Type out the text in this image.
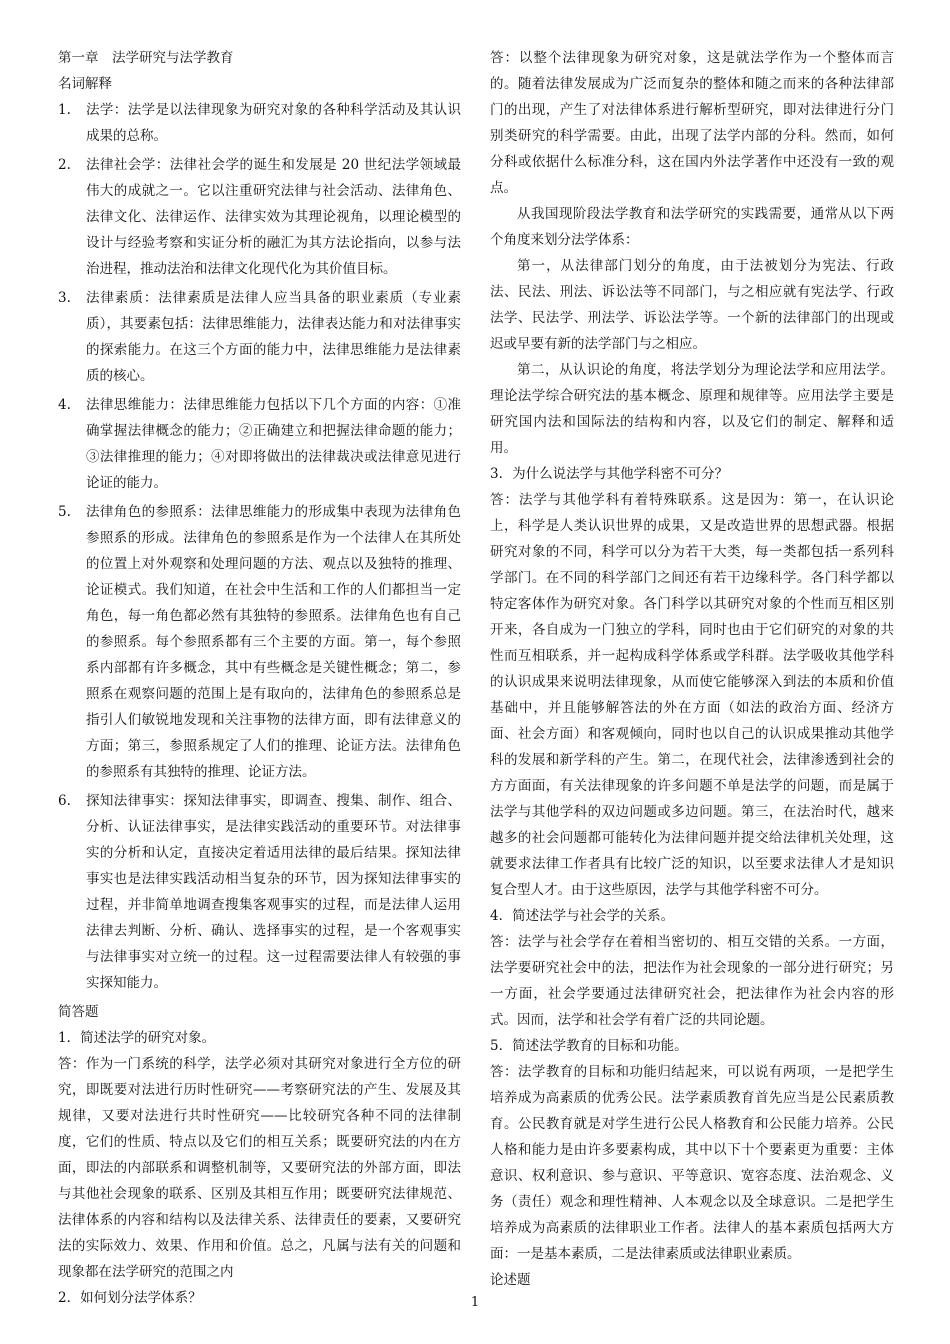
第一章　法学研究与法学教育

名词解释

1. 法学：法学是以法律现象为研究对象的各种科学活动及其认识成果的总称。
2. 法律社会学：法律社会学的诞生和发展是 20 世纪法学领域最伟大的成就之一。它以注重研究法律与社会活动、法律角色、法律文化、法律运作、法律实效为其理论视角，以理论模型的设计与经验考察和实证分析的融汇为其方法论指向，以参与法治进程，推动法治和法律文化现代化为其价值目标。
3. 法律素质：法律素质是法律人应当具备的职业素质（专业素质），其要素包括：法律思维能力，法律表达能力和对法律事实的探索能力。在这三个方面的能力中，法律思维能力是法律素质的核心。
4. 法律思维能力：法律思维能力包括以下几个方面的内容：①准确掌握法律概念的能力；②正确建立和把握法律命题的能力；③法律推理的能力；④对即将做出的法律裁决或法律意见进行论证的能力。
5. 法律角色的参照系：法律思维能力的形成集中表现为法律角色参照系的形成。法律角色的参照系是作为一个法律人在其所处的位置上对外观察和处理问题的方法、观点以及独特的推理、论证模式。我们知道，在社会中生活和工作的人们都担当一定角色，每一角色都必然有其独特的参照系。法律角色也有自己的参照系。每个参照系都有三个主要的方面。第一，每个参照系内部都有许多概念，其中有些概念是关键性概念；第二，参照系在观察问题的范围上是有取向的，法律角色的参照系总是指引人们敏锐地发现和关注事物的法律方面，即有法律意义的方面；第三，参照系规定了人们的推理、论证方法。法律角色的参照系有其独特的推理、论证方法。
6. 探知法律事实：探知法律事实，即调查、搜集、制作、组合、分析、认证法律事实，是法律实践活动的重要环节。对法律事实的分析和认定，直接决定着适用法律的最后结果。探知法律事实也是法律实践活动相当复杂的环节，因为探知法律事实的过程，并非简单地调查搜集客观事实的过程，而是法律人运用法律去判断、分析、确认、选择事实的过程，是一个客观事实与法律事实对立统一的过程。这一过程需要法律人有较强的事实探知能力。

简答题

1．简述法学的研究对象。

答：作为一门系统的科学，法学必须对其研究对象进行全方位的研究，即既要对法进行历时性研究——考察研究法的产生、发展及其规律，又要对法进行共时性研究——比较研究各种不同的法律制度，它们的性质、特点以及它们的相互关系；既要研究法的内在方面，即法的内部联系和调整机制等，又要研究法的外部方面，即法与其他社会现象的联系、区别及其相互作用；既要研究法律规范、法律体系的内容和结构以及法律关系、法律责任的要素，又要研究法的实际效力、效果、作用和价值。总之，凡属与法有关的问题和现象都在法学研究的范围之内

2．如何划分法学体系？

答：以整个法律现象为研究对象，这是就法学作为一个整体而言的。随着法律发展成为广泛而复杂的整体和随之而来的各种法律部门的出现，产生了对法律体系进行解析型研究，即对法律进行分门别类研究的科学需要。由此，出现了法学内部的分科。然而，如何分科或依据什么标准分科，这在国内外法学著作中还没有一致的观点。

从我国现阶段法学教育和法学研究的实践需要，通常从以下两个角度来划分法学体系：

第一，从法律部门划分的角度，由于法被划分为宪法、行政法、民法、刑法、诉讼法等不同部门，与之相应就有宪法学、行政法学、民法学、刑法学、诉讼法学等。一个新的法律部门的出现或迟或早要有新的法学部门与之相应。

第二，从认识论的角度，将法学划分为理论法学和应用法学。理论法学综合研究法的基本概念、原理和规律等。应用法学主要是研究国内法和国际法的结构和内容，以及它们的制定、解释和适用。

3．为什么说法学与其他学科密不可分？

答：法学与其他学科有着特殊联系。这是因为：第一，在认识论上，科学是人类认识世界的成果，又是改造世界的思想武器。根据研究对象的不同，科学可以分为若干大类，每一类都包括一系列科学部门。在不同的科学部门之间还有若干边缘科学。各门科学都以特定客体作为研究对象。各门科学以其研究对象的个性而互相区别开来，各自成为一门独立的学科，同时也由于它们研究的对象的共性而互相联系，并一起构成科学体系或学科群。法学吸收其他学科的认识成果来说明法律现象，从而使它能够深入到法的本质和价值基础中，并且能够解答法的外在方面（如法的政治方面、经济方面、社会方面）和客观倾向，同时也以自己的认识成果推动其他学科的发展和新学科的产生。第二，在现代社会，法律渗透到社会的方方面面，有关法律现象的许多问题不单是法学的问题，而是属于法学与其他学科的双边问题或多边问题。第三，在法治时代，越来越多的社会问题都可能转化为法律问题并提交给法律机关处理，这就要求法律工作者具有比较广泛的知识，以至要求法律人才是知识复合型人才。由于这些原因，法学与其他学科密不可分。

4．简述法学与社会学的关系。

答：法学与社会学存在着相当密切的、相互交错的关系。一方面，法学要研究社会中的法，把法作为社会现象的一部分进行研究；另一方面，社会学要通过法律研究社会，把法律作为社会内容的形式。因而，法学和社会学有着广泛的共同论题。

5．简述法学教育的目标和功能。

答：法学教育的目标和功能归结起来，可以说有两项，一是把学生培养成为高素质的优秀公民。法学素质教育首先应当是公民素质教育。公民教育就是对学生进行公民人格教育和公民能力培养。公民人格和能力是由许多要素构成，其中以下十个要素更为重要：主体意识、权利意识、参与意识、平等意识、宽容态度、法治观念、义务（责任）观念和理性精神、人本观念以及全球意识。二是把学生培养成为高素质的法律职业工作者。法律人的基本素质包括两大方面：一是基本素质，二是法律素质或法律职业素质。

论述题

1
